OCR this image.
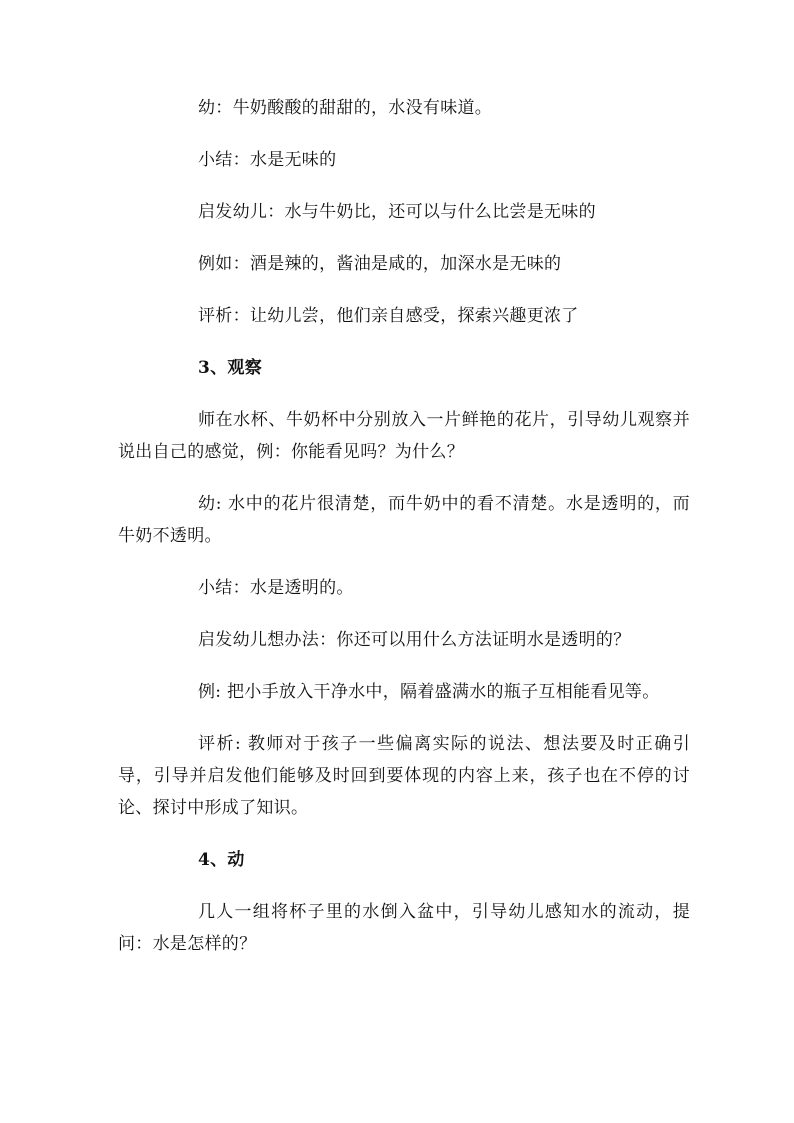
幼：牛奶酸酸的甜甜的，水没有味道。

小结：水是无味的

启发幼儿：水与牛奶比，还可以与什么比尝是无味的

例如：酒是辣的，酱油是咸的，加深水是无味的

评析：让幼儿尝，他们亲自感受，探索兴趣更浓了

3、观察

师在水杯、牛奶杯中分别放入一片鲜艳的花片，引导幼儿观察并说出自己的感觉，例：你能看见吗？为什么？

幼: 水中的花片很清楚，而牛奶中的看不清楚。水是透明的，而牛奶不透明。

小结：水是透明的。

启发幼儿想办法：你还可以用什么方法证明水是透明的？

例: 把小手放入干净水中，隔着盛满水的瓶子互相能看见等。

评析: 教师对于孩子一些偏离实际的说法、想法要及时正确引导，引导并启发他们能够及时回到要体现的内容上来，孩子也在不停的讨论、探讨中形成了知识。

4、动

几人一组将杯子里的水倒入盆中，引导幼儿感知水的流动，提问：水是怎样的？
